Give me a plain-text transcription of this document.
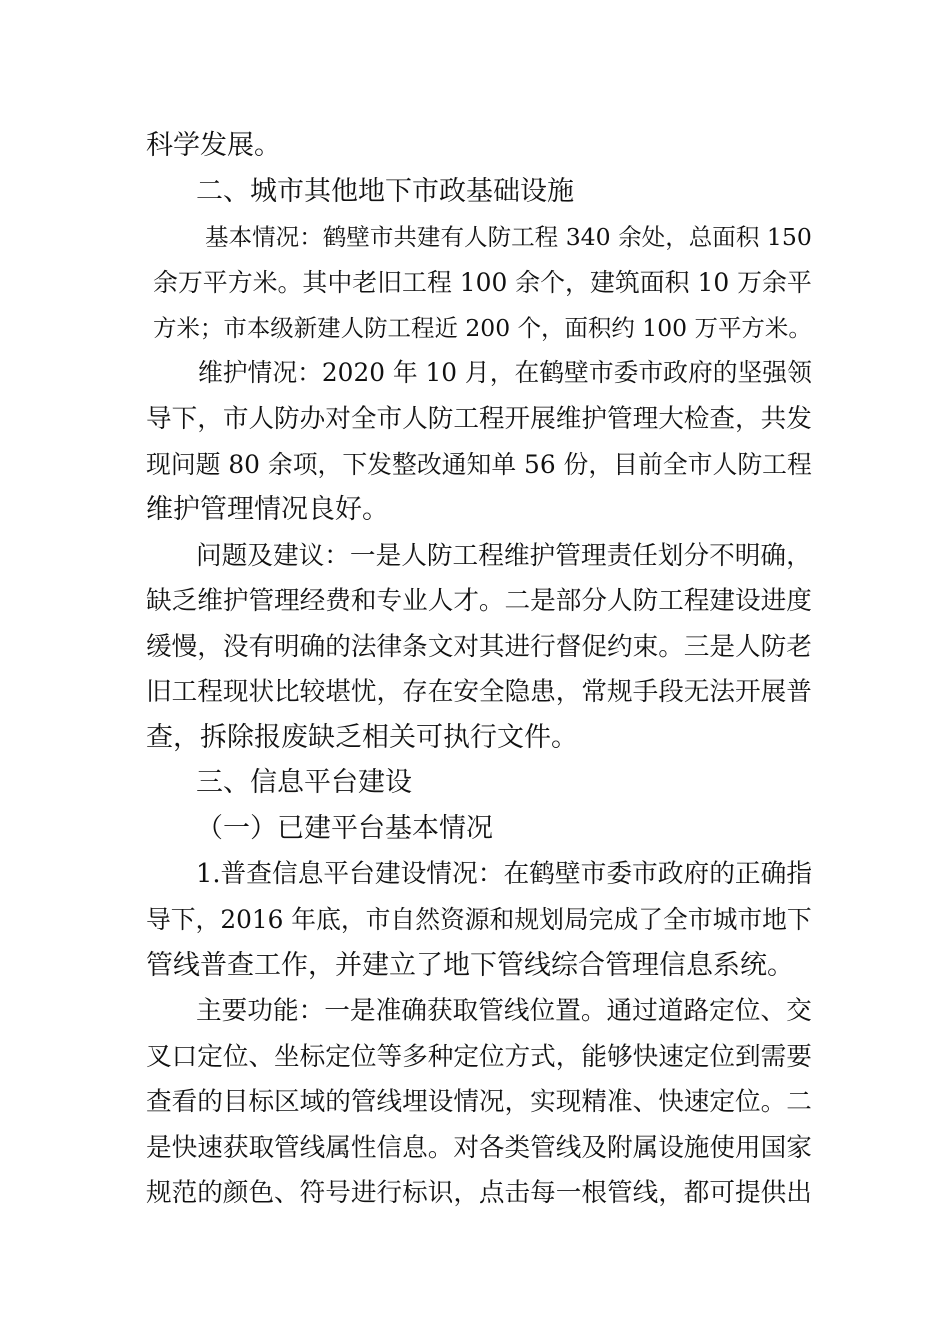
科学发展。
二、城市其他地下市政基础设施
基本情况：鹤壁市共建有人防工程 340 余处，总面积 150
余万平方米。其中老旧工程 100 余个，建筑面积 10 万余平
方米；市本级新建人防工程近 200 个，面积约 100 万平方米。
维护情况：2020 年 10 月，在鹤壁市委市政府的坚强领
导下，市人防办对全市人防工程开展维护管理大检查，共发
现问题 80 余项，下发整改通知单 56 份，目前全市人防工程
维护管理情况良好。
问题及建议：一是人防工程维护管理责任划分不明确，
缺乏维护管理经费和专业人才。二是部分人防工程建设进度
缓慢，没有明确的法律条文对其进行督促约束。三是人防老
旧工程现状比较堪忧，存在安全隐患，常规手段无法开展普
查，拆除报废缺乏相关可执行文件。
三、信息平台建设
（一）已建平台基本情况
1.普查信息平台建设情况：在鹤壁市委市政府的正确指
导下，2016 年底，市自然资源和规划局完成了全市城市地下
管线普查工作，并建立了地下管线综合管理信息系统。
主要功能：一是准确获取管线位置。通过道路定位、交
叉口定位、坐标定位等多种定位方式，能够快速定位到需要
查看的目标区域的管线埋设情况，实现精准、快速定位。二
是快速获取管线属性信息。对各类管线及附属设施使用国家
规范的颜色、符号进行标识，点击每一根管线，都可提供出
